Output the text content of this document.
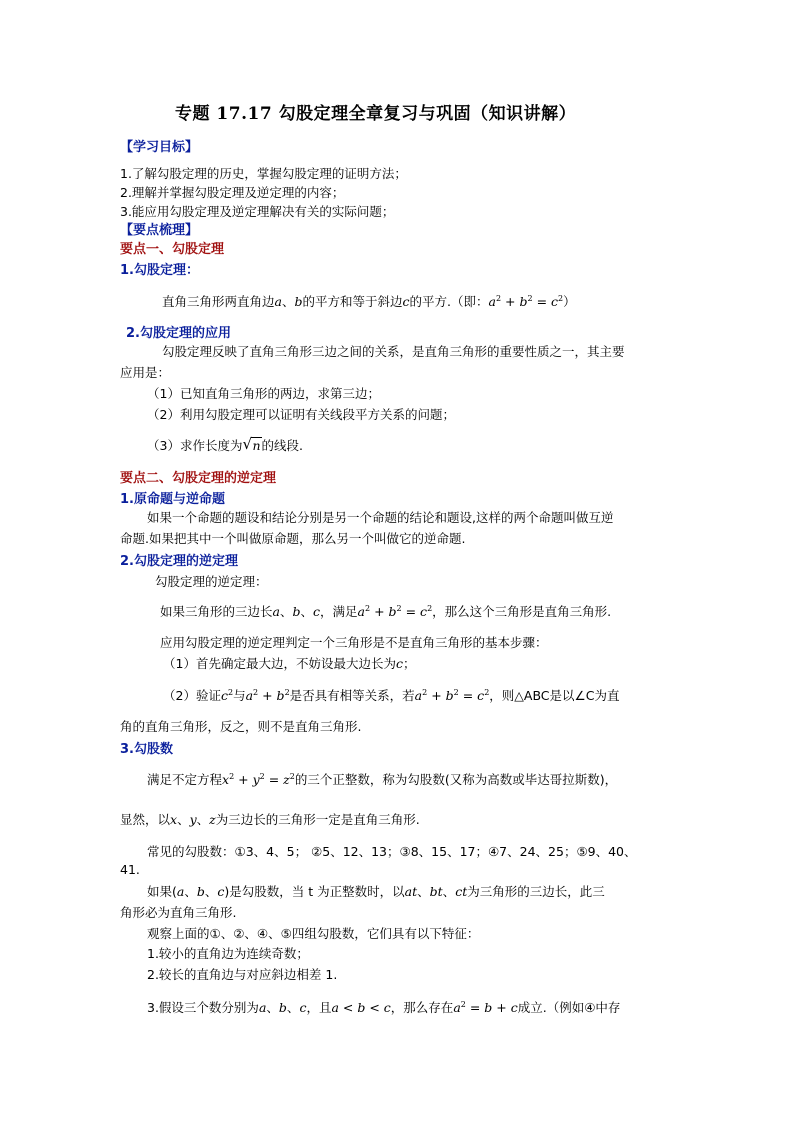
专题 17.17 勾股定理全章复习与巩固（知识讲解）
【学习目标】
1.了解勾股定理的历史，掌握勾股定理的证明方法；
2.理解并掌握勾股定理及逆定理的内容；
3.能应用勾股定理及逆定理解决有关的实际问题；
【要点梳理】
要点一、勾股定理
1.勾股定理：
直角三角形两直角边a、b的平方和等于斜边c的平方.（即：$a^2 + b^2 = c^2$）
2.勾股定理的应用
勾股定理反映了直角三角形三边之间的关系，是直角三角形的重要性质之一，其主要
应用是：
（1）已知直角三角形的两边，求第三边；
（2）利用勾股定理可以证明有关线段平方关系的问题；
（3）求作长度为 √ n的线段.
要点二、勾股定理的逆定理
1.原命题与逆命题
如果一个命题的题设和结论分别是另一个命题的结论和题设,这样的两个命题叫做互逆
命题.如果把其中一个叫做原命题，那么另一个叫做它的逆命题.
2.勾股定理的逆定理
勾股定理的逆定理：
如果三角形的三边长a、b、c，满足$a^2 + b^2 = c^2$，那么这个三角形是直角三角形.
应用勾股定理的逆定理判定一个三角形是不是直角三角形的基本步骤：
（1）首先确定最大边，不妨设最大边长为c；
（2）验证$c^2$与$a^2 + b^2$是否具有相等关系，若$a^2 + b^2 = c^2$，则△ABC是以∠C为直
角的直角三角形，反之，则不是直角三角形.
3.勾股数
满足不定方程$x^2 + y^2 = z^2$的三个正整数，称为勾股数(又称为高数或毕达哥拉斯数)，
显然，以x、y、z为三边长的三角形一定是直角三角形.
常见的勾股数：①3、4、5； ②5、12、13；③8、15、17；④7、24、25；⑤9、40、
41.
如果(a、b、c)是勾股数，当 t 为正整数时，以at、bt、ct为三角形的三边长，此三
角形必为直角三角形.
观察上面的①、②、④、⑤四组勾股数，它们具有以下特征：
1.较小的直角边为连续奇数；
2.较长的直角边与对应斜边相差 1.
3.假设三个数分别为a、b、c，且a < b < c，那么存在$a^2 = b + c$成立.（例如④中存
